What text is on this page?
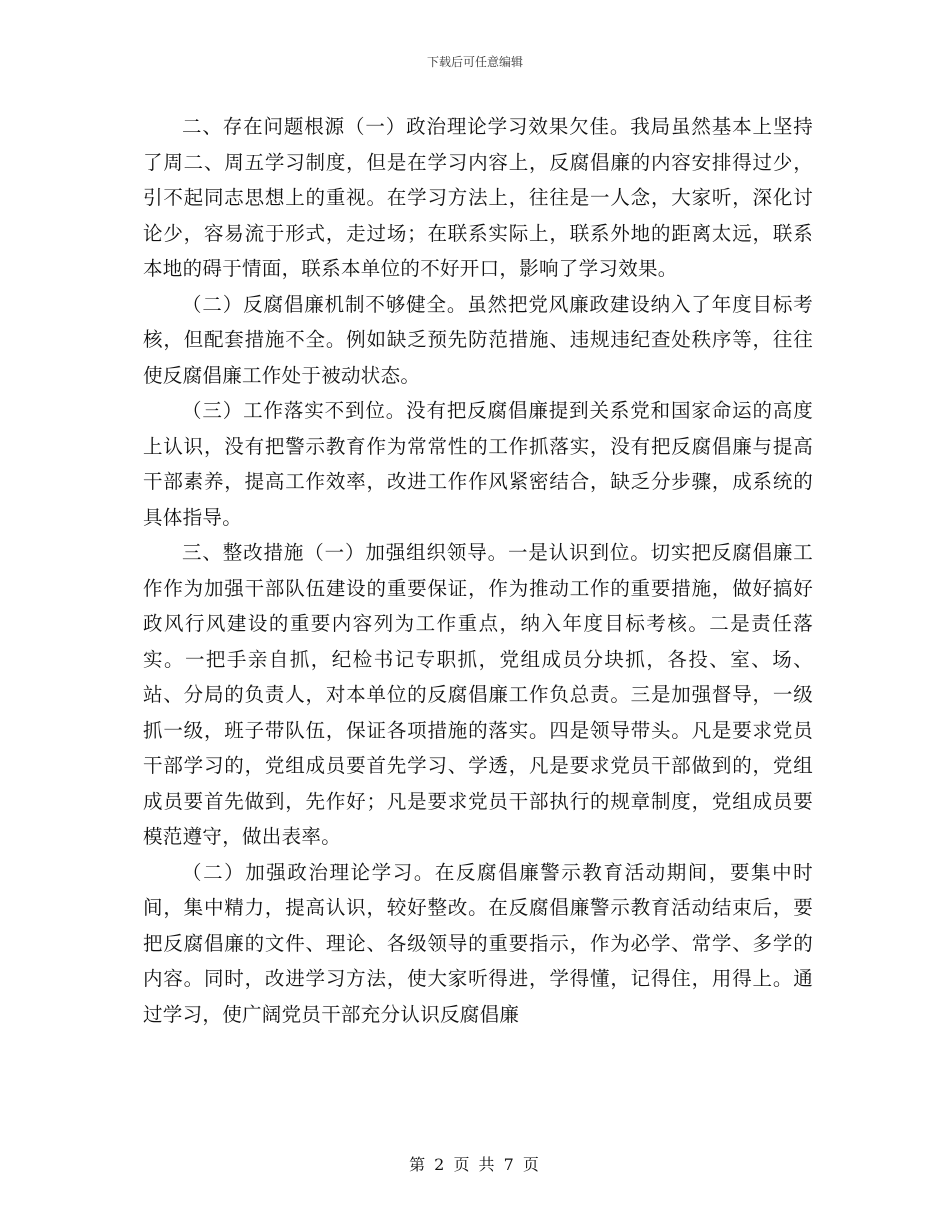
下载后可任意编辑

二、存在问题根源（一）政治理论学习效果欠佳。我局虽然基本上坚持了周二、周五学习制度，但是在学习内容上，反腐倡廉的内容安排得过少，引不起同志思想上的重视。在学习方法上，往往是一人念，大家听，深化讨论少，容易流于形式，走过场；在联系实际上，联系外地的距离太远，联系本地的碍于情面，联系本单位的不好开口，影响了学习效果。

（二）反腐倡廉机制不够健全。虽然把党风廉政建设纳入了年度目标考核，但配套措施不全。例如缺乏预先防范措施、违规违纪查处秩序等，往往使反腐倡廉工作处于被动状态。

（三）工作落实不到位。没有把反腐倡廉提到关系党和国家命运的高度上认识，没有把警示教育作为常常性的工作抓落实，没有把反腐倡廉与提高干部素养，提高工作效率，改进工作作风紧密结合，缺乏分步骤，成系统的具体指导。

三、整改措施（一）加强组织领导。一是认识到位。切实把反腐倡廉工作作为加强干部队伍建设的重要保证，作为推动工作的重要措施，做好搞好政风行风建设的重要内容列为工作重点，纳入年度目标考核。二是责任落实。一把手亲自抓，纪检书记专职抓，党组成员分块抓，各投、室、场、站、分局的负责人，对本单位的反腐倡廉工作负总责。三是加强督导，一级抓一级，班子带队伍，保证各项措施的落实。四是领导带头。凡是要求党员干部学习的，党组成员要首先学习、学透，凡是要求党员干部做到的，党组成员要首先做到，先作好；凡是要求党员干部执行的规章制度，党组成员要模范遵守，做出表率。

（二）加强政治理论学习。在反腐倡廉警示教育活动期间，要集中时间，集中精力，提高认识，较好整改。在反腐倡廉警示教育活动结束后，要把反腐倡廉的文件、理论、各级领导的重要指示，作为必学、常学、多学的内容。同时，改进学习方法，使大家听得进，学得懂，记得住，用得上。通过学习，使广阔党员干部充分认识反腐倡廉

第 2 页 共 7 页
